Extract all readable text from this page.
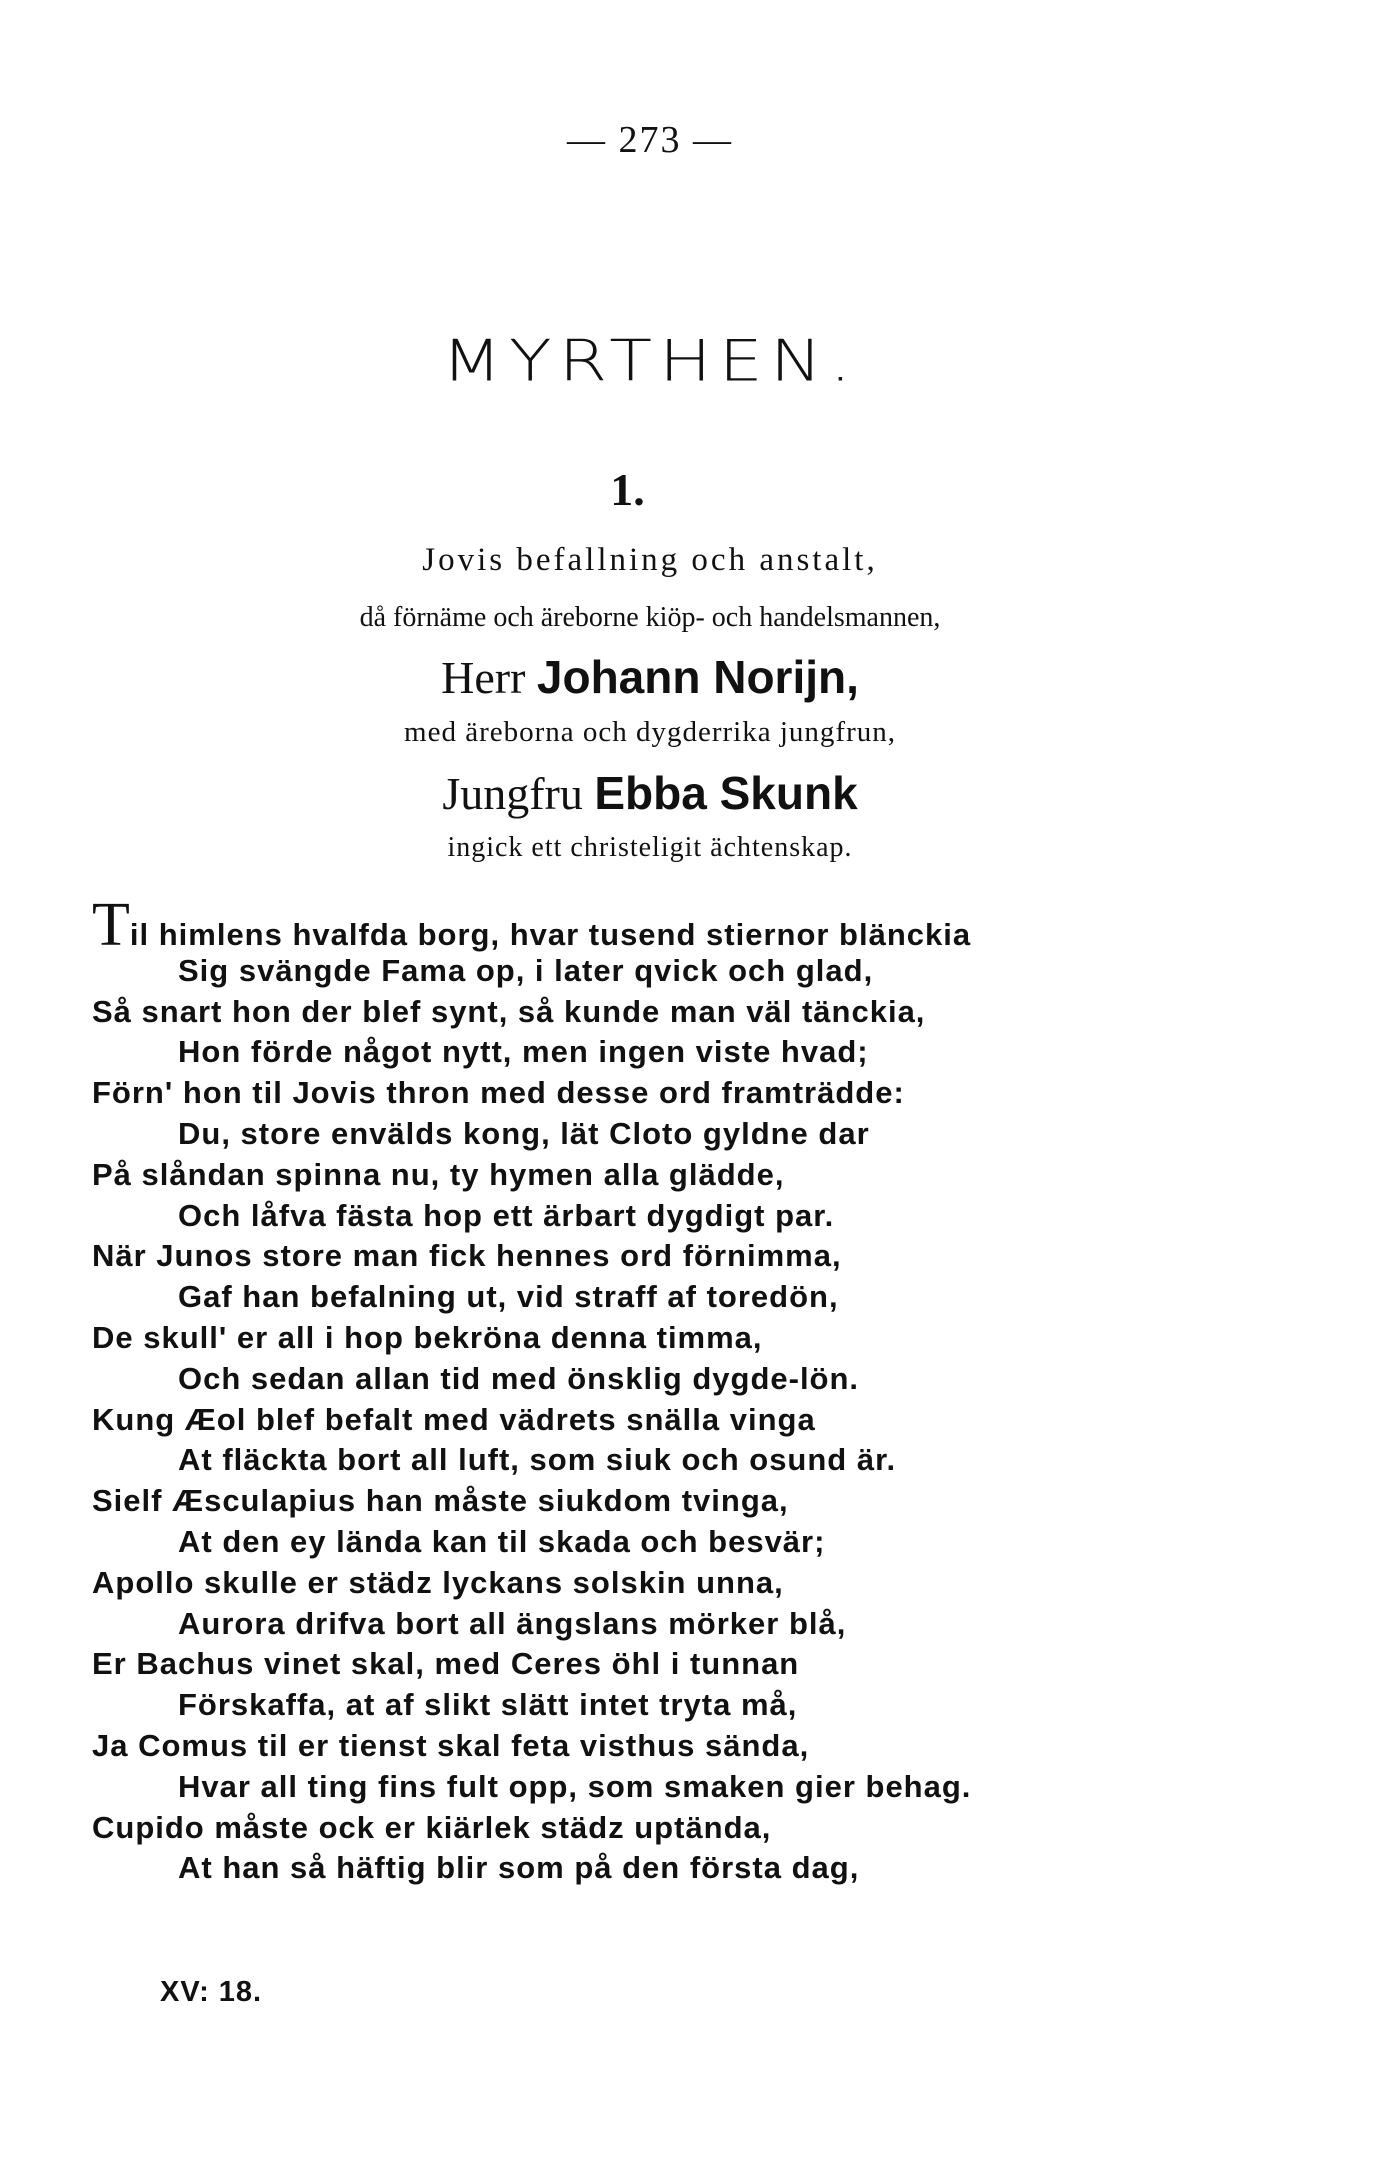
— 273 —
MYRTHEN.
1.
Jovis befallning och anstalt,
då förnäme och äreborne kiöp- och handelsmannen,
Herr Johann Norijn,
med äreborna och dygderrika jungfrun,
Jungfru Ebba Skunk
ingick ett christeligit ächtenskap.
Til himlens hvalfda borg, hvar tusend stiernor blänckia
Sig svängde Fama op, i later qvick och glad,
Så snart hon der blef synt, så kunde man väl tänckia,
Hon förde något nytt, men ingen viste hvad;
Förn' hon til Jovis thron med desse ord framträdde:
Du, store envälds kong, lät Cloto gyldne dar
På slåndan spinna nu, ty hymen alla glädde,
Och låfva fästa hop ett ärbart dygdigt par.
När Junos store man fick hennes ord förnimma,
Gaf han befalning ut, vid straff af toredön,
De skull' er all i hop bekröna denna timma,
Och sedan allan tid med önsklig dygde-lön.
Kung Æol blef befalt med vädrets snälla vinga
At fläckta bort all luft, som siuk och osund är.
Sielf Æsculapius han måste siukdom tvinga,
At den ey lända kan til skada och besvär;
Apollo skulle er städz lyckans solskin unna,
Aurora drifva bort all ängslans mörker blå,
Er Bachus vinet skal, med Ceres öhl i tunnan
Förskaffa, at af slikt slätt intet tryta må,
Ja Comus til er tienst skal feta visthus sända,
Hvar all ting fins fult opp, som smaken gier behag.
Cupido måste ock er kiärlek städz uptända,
At han så häftig blir som på den första dag,
XV: 18.
